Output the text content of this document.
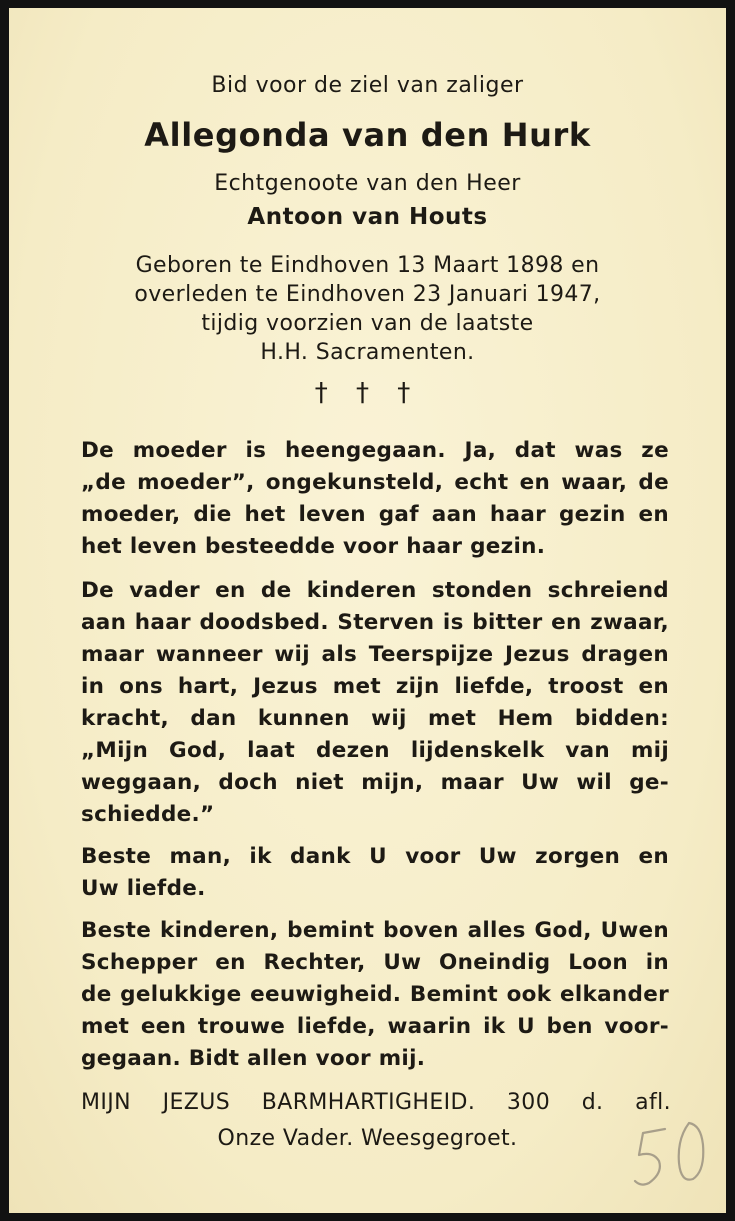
Bid voor de ziel van zaliger
Allegonda van den Hurk
Echtgenoote van den Heer
Antoon van Houts
Geboren te Eindhoven 13 Maart 1898 en
overleden te Eindhoven 23 Januari 1947,
tijdig voorzien van de laatste
H.H. Sacramenten.
† † †
De moeder is heengegaan. Ja, dat was ze
„de moeder”, ongekunsteld, echt en waar, de
moeder, die het leven gaf aan haar gezin en
het leven besteedde voor haar gezin.
De vader en de kinderen stonden schreiend
aan haar doodsbed. Sterven is bitter en zwaar,
maar wanneer wij als Teerspijze Jezus dragen
in ons hart, Jezus met zijn liefde, troost en
kracht, dan kunnen wij met Hem bidden:
„Mijn God, laat dezen lijdenskelk van mij
weggaan, doch niet mijn, maar Uw wil ge-
schiedde.”
Beste man, ik dank U voor Uw zorgen en
Uw liefde.
Beste kinderen, bemint boven alles God, Uwen
Schepper en Rechter, Uw Oneindig Loon in
de gelukkige eeuwigheid. Bemint ook elkander
met een trouwe liefde, waarin ik U ben voor-
gegaan. Bidt allen voor mij.
MIJN JEZUS BARMHARTIGHEID. 300 d. afl.
Onze Vader. Weesgegroet.
